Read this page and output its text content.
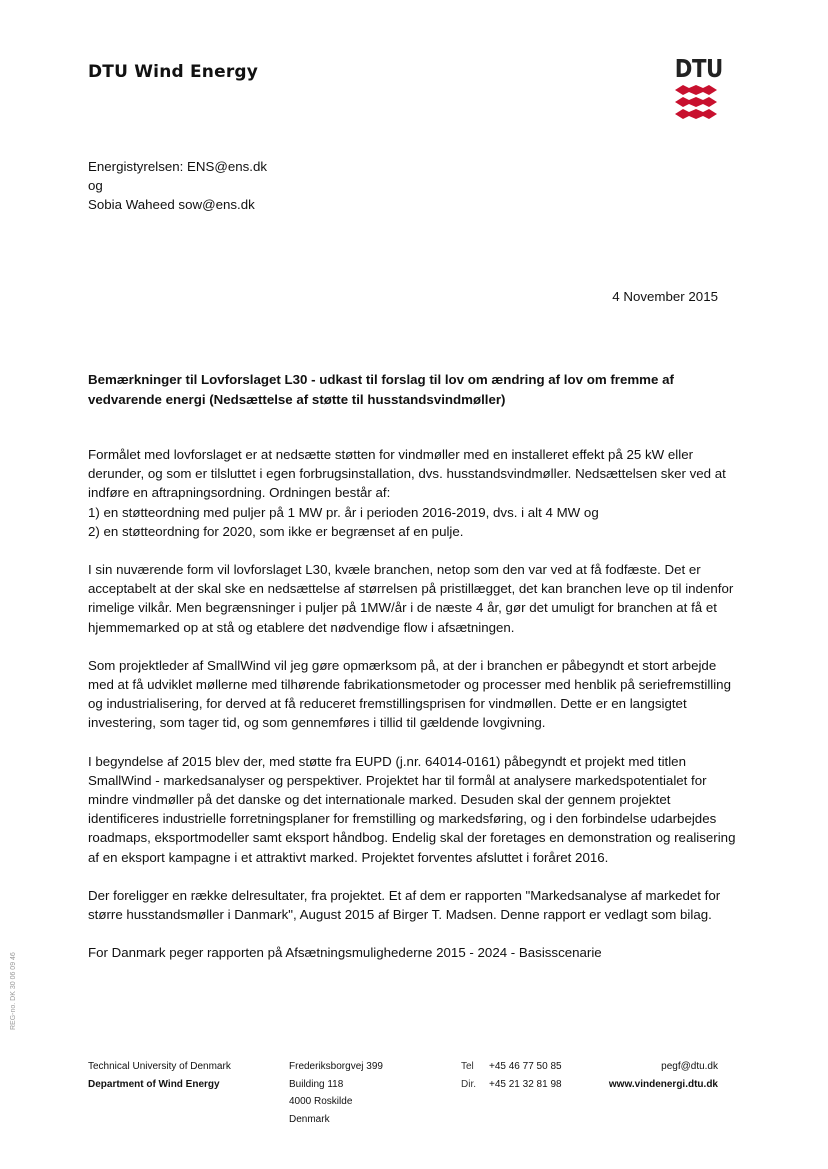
DTU Wind Energy	DTU
Energistyrelsen: ENS@ens.dk
og
Sobia Waheed sow@ens.dk
4 November 2015
Bemærkninger til Lovforslaget L30 - udkast til forslag til lov om ændring af lov om fremme af vedvarende energi (Nedsættelse af støtte til husstandsvindmøller)

Formålet med lovforslaget er at nedsætte støtten for vindmøller med en installeret effekt på 25 kW eller derunder, og som er tilsluttet i egen forbrugsinstallation, dvs. husstandsvindmøller. Nedsættelsen sker ved at indføre en aftrapningsordning. Ordningen består af:
1) en støtteordning med puljer på 1 MW pr. år i perioden 2016-2019, dvs. i alt 4 MW og
2) en støtteordning for 2020, som ikke er begrænset af en pulje.

I sin nuværende form vil lovforslaget L30, kvæle branchen, netop som den var ved at få fodfæste. Det er acceptabelt at der skal ske en nedsættelse af størrelsen på pristillægget, det kan branchen leve op til indenfor rimelige vilkår. Men begrænsninger i puljer på 1MW/år i de næste 4 år, gør det umuligt for branchen at få et hjemmemarked op at stå og etablere det nødvendige flow i afsætningen.

Som projektleder af SmallWind vil jeg gøre opmærksom på, at der i branchen er påbegyndt et stort arbejde med at få udviklet møllerne med tilhørende fabrikationsmetoder og processer med henblik på seriefremstilling og industrialisering, for derved at få reduceret fremstillingsprisen for vindmøllen. Dette er en langsigtet investering, som tager tid, og som gennemføres i tillid til gældende lovgivning.

I begyndelse af 2015 blev der, med støtte fra EUPD (j.nr. 64014-0161) påbegyndt et projekt med titlen SmallWind - markedsanalyser og perspektiver. Projektet har til formål at analysere markedspotentialet for mindre vindmøller på det danske og det internationale marked. Desuden skal der gennem projektet identificeres industrielle forretningsplaner for fremstilling og markedsføring, og i den forbindelse udarbejdes roadmaps, eksportmodeller samt eksport håndbog. Endelig skal der foretages en demonstration og realisering af en eksport kampagne i et attraktivt marked. Projektet forventes afsluttet i foråret 2016.

Der foreligger en række delresultater, fra projektet. Et af dem er rapporten "Markedsanalyse af markedet for større husstandsmøller i Danmark", August 2015 af Birger T. Madsen. Denne rapport er vedlagt som bilag.

For Danmark peger rapporten på Afsætningsmulighederne 2015 - 2024 - Basisscenarie

REG-no. DK 30 06 09 46
Technical University of Denmark
Department of Wind Energy
Frederiksborgvej 399
Building 118
4000 Roskilde
Denmark
Tel +45 46 77 50 85
Dir. +45 21 32 81 98
pegf@dtu.dk
www.vindenergi.dtu.dk
